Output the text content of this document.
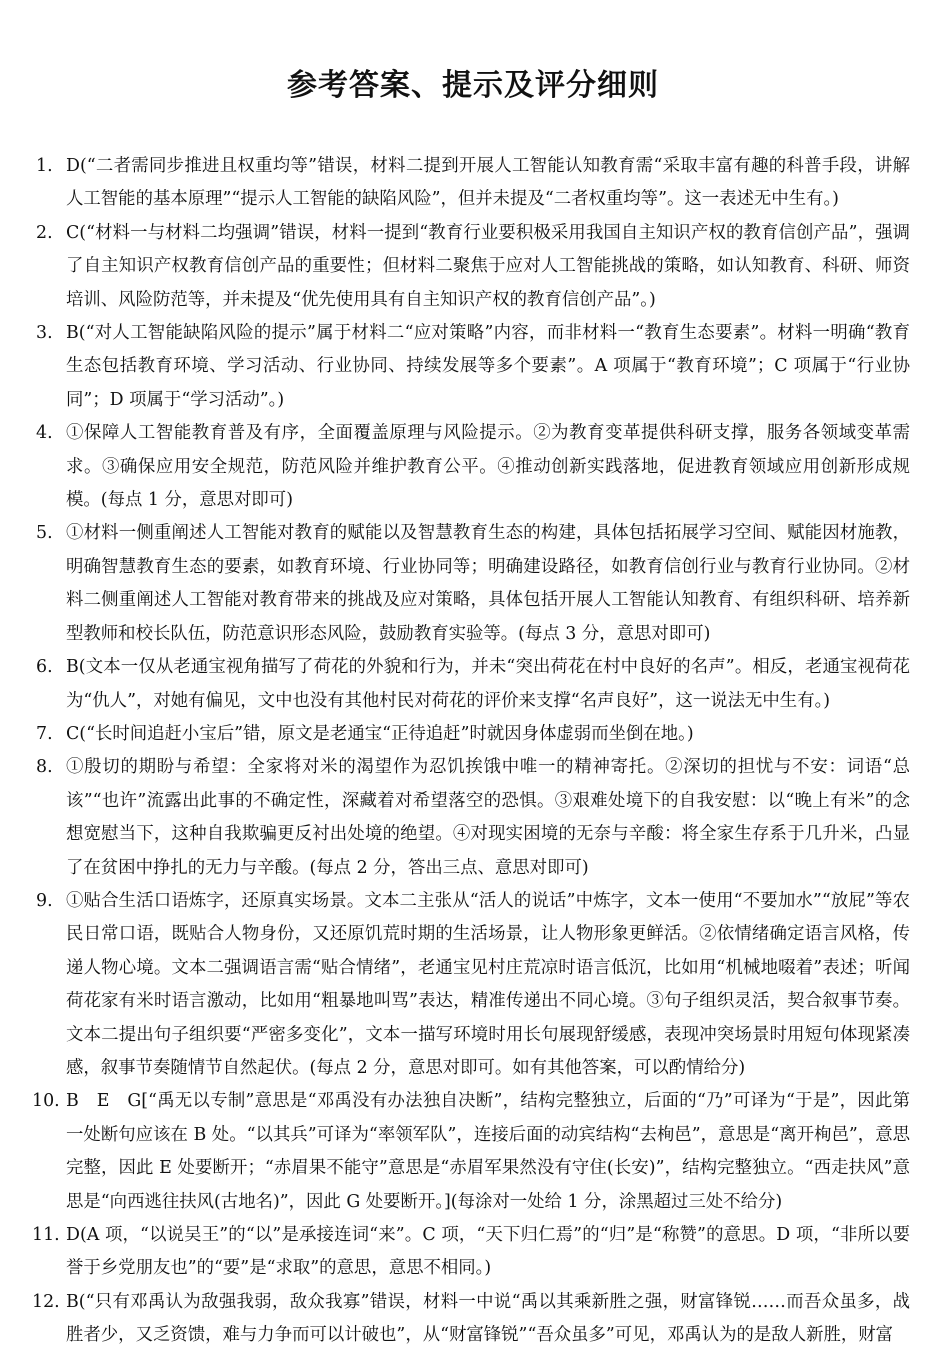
参考答案、提示及评分细则
1. D(“二者需同步推进且权重均等”错误，材料二提到开展人工智能认知教育需“采取丰富有趣的科普手段，讲解人工智能的基本原理”“提示人工智能的缺陷风险”，但并未提及“二者权重均等”。这一表述无中生有。)
2. C(“材料一与材料二均强调”错误，材料一提到“教育行业要积极采用我国自主知识产权的教育信创产品”，强调了自主知识产权教育信创产品的重要性；但材料二聚焦于应对人工智能挑战的策略，如认知教育、科研、师资培训、风险防范等，并未提及“优先使用具有自主知识产权的教育信创产品”。)
3. B(“对人工智能缺陷风险的提示”属于材料二“应对策略”内容，而非材料一“教育生态要素”。材料一明确“教育生态包括教育环境、学习活动、行业协同、持续发展等多个要素”。A 项属于“教育环境”；C 项属于“行业协同”；D 项属于“学习活动”。)
4. ①保障人工智能教育普及有序，全面覆盖原理与风险提示。②为教育变革提供科研支撑，服务各领域变革需求。③确保应用安全规范，防范风险并维护教育公平。④推动创新实践落地，促进教育领域应用创新形成规模。(每点 1 分，意思对即可)
5. ①材料一侧重阐述人工智能对教育的赋能以及智慧教育生态的构建，具体包括拓展学习空间、赋能因材施教，明确智慧教育生态的要素，如教育环境、行业协同等；明确建设路径，如教育信创行业与教育行业协同。②材料二侧重阐述人工智能对教育带来的挑战及应对策略，具体包括开展人工智能认知教育、有组织科研、培养新型教师和校长队伍，防范意识形态风险，鼓励教育实验等。(每点 3 分，意思对即可)
6. B(文本一仅从老通宝视角描写了荷花的外貌和行为，并未“突出荷花在村中良好的名声”。相反，老通宝视荷花为“仇人”，对她有偏见，文中也没有其他村民对荷花的评价来支撑“名声良好”，这一说法无中生有。)
7. C(“长时间追赶小宝后”错，原文是老通宝“正待追赶”时就因身体虚弱而坐倒在地。)
8. ①殷切的期盼与希望：全家将对米的渴望作为忍饥挨饿中唯一的精神寄托。②深切的担忧与不安：词语“总该”“也许”流露出此事的不确定性，深藏着对希望落空的恐惧。③艰难处境下的自我安慰：以“晚上有米”的念想宽慰当下，这种自我欺骗更反衬出处境的绝望。④对现实困境的无奈与辛酸：将全家生存系于几升米，凸显了在贫困中挣扎的无力与辛酸。(每点 2 分，答出三点、意思对即可)
9. ①贴合生活口语炼字，还原真实场景。文本二主张从“活人的说话”中炼字，文本一使用“不要加水”“放屁”等农民日常口语，既贴合人物身份，又还原饥荒时期的生活场景，让人物形象更鲜活。②依情绪确定语言风格，传递人物心境。文本二强调语言需“贴合情绪”，老通宝见村庄荒凉时语言低沉，比如用“机械地啜着”表述；听闻荷花家有米时语言激动，比如用“粗暴地叫骂”表达，精准传递出不同心境。③句子组织灵活，契合叙事节奏。文本二提出句子组织要“严密多变化”，文本一描写环境时用长句展现舒缓感，表现冲突场景时用短句体现紧凑感，叙事节奏随情节自然起伏。(每点 2 分，意思对即可。如有其他答案，可以酌情给分)
10. B　E　G[“禹无以专制”意思是“邓禹没有办法独自决断”，结构完整独立，后面的“乃”可译为“于是”，因此第一处断句应该在 B 处。“以其兵”可译为“率领军队”，连接后面的动宾结构“去栒邑”，意思是“离开栒邑”，意思完整，因此 E 处要断开；“赤眉果不能守”意思是“赤眉军果然没有守住(长安)”，结构完整独立。“西走扶风”意思是“向西逃往扶风(古地名)”，因此 G 处要断开。](每涂对一处给 1 分，涂黑超过三处不给分)
11. D(A 项，“以说吴王”的“以”是承接连词“来”。C 项，“天下归仁焉”的“归”是“称赞”的意思。D 项，“非所以要誉于乡党朋友也”的“要”是“求取”的意思，意思不相同。)
12. B(“只有邓禹认为敌强我弱，敌众我寡”错误，材料一中说“禹以其乘新胜之强，财富锋锐……而吾众虽多，战胜者少，又乏资馈，难与力争而可以计破也”，从“财富锋锐”“吾众虽多”可见，邓禹认为的是敌人新胜，财富
